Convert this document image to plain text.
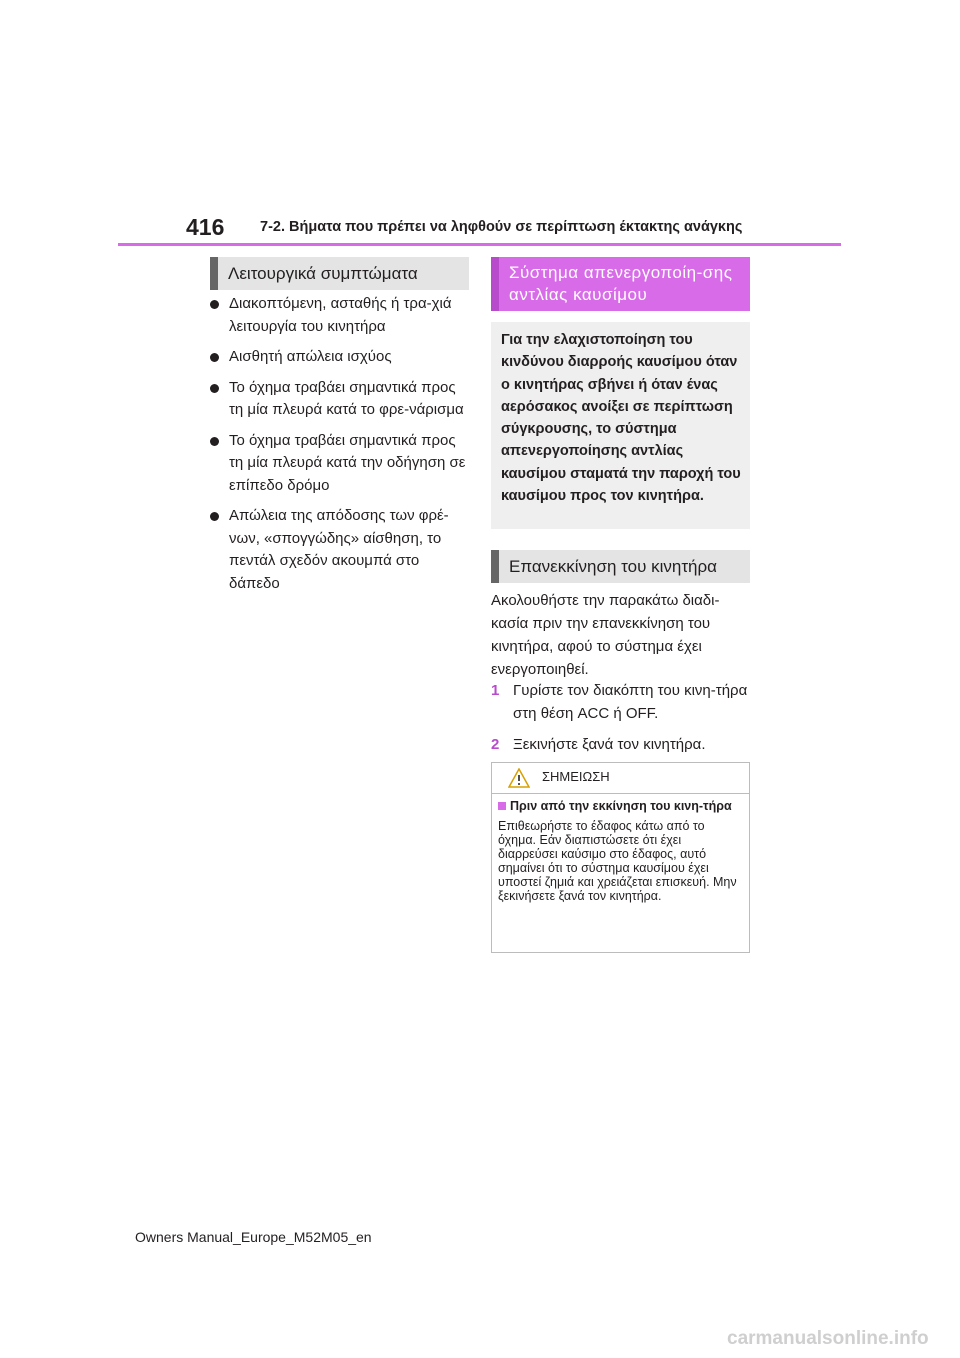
416 7-2. Βήματα που πρέπει να ληφθούν σε περίπτωση έκτακτης ανάγκης
Λειτουργικά συμπτώματα
Διακοπτόμενη, ασταθής ή τρα-χιά λειτουργία του κινητήρα
Αισθητή απώλεια ισχύος
Το όχημα τραβάει σημαντικά προς τη μία πλευρά κατά το φρε-νάρισμα
Το όχημα τραβάει σημαντικά προς τη μία πλευρά κατά την οδήγηση σε επίπεδο δρόμο
Απώλεια της απόδοσης των φρέ-νων, «σπογγώδης» αίσθηση, το πεντάλ σχεδόν ακουμπά στο δάπεδο
Σύστημα απενεργοποίη-σης αντλίας καυσίμου
Για την ελαχιστοποίηση του κινδύνου διαρροής καυσίμου όταν ο κινητήρας σβήνει ή όταν ένας αερόσακος ανοίξει σε περίπτωση σύγκρουσης, το σύστημα απενεργοποίησης αντλίας καυσίμου σταματά την παροχή του καυσίμου προς τον κινητήρα.
Επανεκκίνηση του κινητήρα
Ακολουθήστε την παρακάτω διαδι-κασία πριν την επανεκκίνηση του κινητήρα, αφού το σύστημα έχει ενεργοποιηθεί.
1 Γυρίστε τον διακόπτη του κινη-τήρα στη θέση ACC ή OFF.
2 Ξεκινήστε ξανά τον κινητήρα.
ΣΗΜΕΙΩΣΗ
Πριν από την εκκίνηση του κινη-τήρα
Επιθεωρήστε το έδαφος κάτω από το όχημα. Εάν διαπιστώσετε ότι έχει διαρρεύσει καύσιμο στο έδαφος, αυτό σημαίνει ότι το σύστημα καυσίμου έχει υποστεί ζημιά και χρειάζεται επισκευή. Μην ξεκινήσετε ξανά τον κινητήρα.
Owners Manual_Europe_M52M05_en
carmanualsonline.info
